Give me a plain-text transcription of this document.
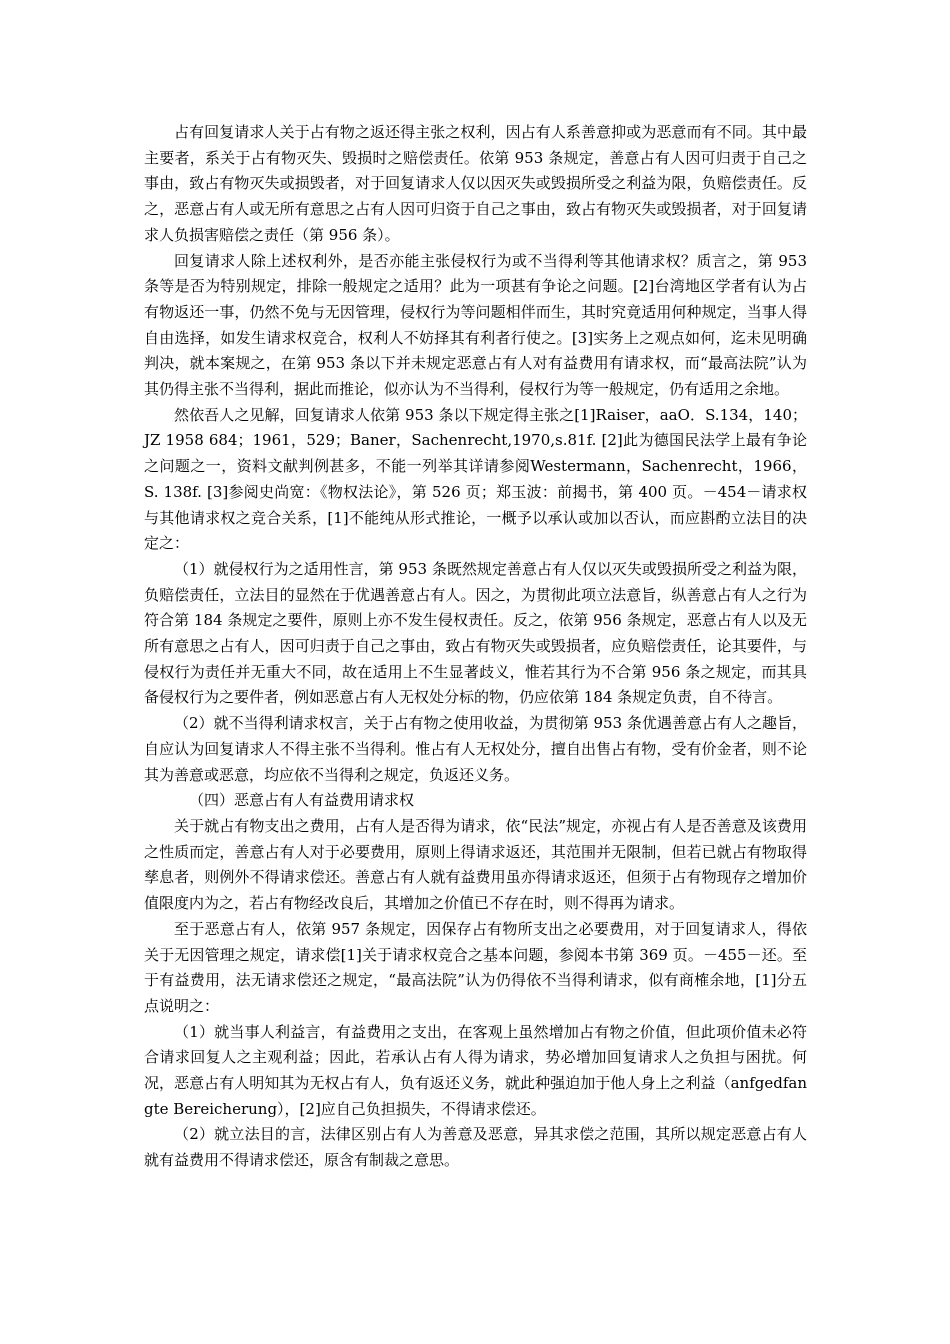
占有回复请求人关于占有物之返还得主张之权利，因占有人系善意抑或为恶意而有不同。其中最主要者，系关于占有物灭失、毁损时之赔偿责任。依第 953 条规定，善意占有人因可归责于自己之事由，致占有物灭失或损毁者，对于回复请求人仅以因灭失或毁损所受之利益为限，负赔偿责任。反之，恶意占有人或无所有意思之占有人因可归资于自己之事由，致占有物灭失或毁损者，对于回复请求人负损害赔偿之责任（第 956 条）。

回复请求人除上述权利外，是否亦能主张侵权行为或不当得利等其他请求权？质言之，第 953 条等是否为特别规定，排除一般规定之适用？此为一项甚有争论之问题。[2]台湾地区学者有认为占有物返还一事，仍然不免与无因管理，侵权行为等问题相伴而生，其时究竟适用何种规定，当事人得自由选择，如发生请求权竞合，权利人不妨择其有利者行使之。[3]实务上之观点如何，迄未见明确判决，就本案规之，在第 953 条以下并未规定恶意占有人对有益费用有请求权，而“最高法院”认为其仍得主张不当得利，据此而推论，似亦认为不当得利，侵权行为等一般规定，仍有适用之余地。

然依吾人之见解，回复请求人依第 953 条以下规定得主张之[1]Raiser，aaO．S.134，140；JZ 1958 684；1961，529；Baner，Sachenrecht,1970,s.81f. [2]此为德国民法学上最有争论之问题之一，资料文献判例甚多，不能一列举其详请参阅Westermann，Sachenrecht，1966，S. 138f. [3]参阅史尚宽：《物权法论》，第 526 页；郑玉波：前揭书，第 400 页。－454－请求权与其他请求权之竞合关系，[1]不能纯从形式推论，一概予以承认或加以否认，而应斟酌立法目的决定之：

（1）就侵权行为之适用性言，第 953 条既然规定善意占有人仅以灭失或毁损所受之利益为限，负赔偿责任，立法目的显然在于优遇善意占有人。因之，为贯彻此项立法意旨，纵善意占有人之行为符合第 184 条规定之要件，原则上亦不发生侵权责任。反之，依第 956 条规定，恶意占有人以及无所有意思之占有人，因可归责于自己之事由，致占有物灭失或毁损者，应负赔偿责任，论其要件，与侵权行为责任并无重大不同，故在适用上不生显著歧义，惟若其行为不合第 956 条之规定，而其具备侵权行为之要件者，例如恶意占有人无权处分标的物，仍应依第 184 条规定负责，自不待言。

（2）就不当得利请求权言，关于占有物之使用收益，为贯彻第 953 条优遇善意占有人之趣旨，自应认为回复请求人不得主张不当得利。惟占有人无权处分，擅自出售占有物，受有价金者，则不论其为善意或恶意，均应依不当得利之规定，负返还义务。

（四）恶意占有人有益费用请求权

关于就占有物支出之费用，占有人是否得为请求，依“民法”规定，亦视占有人是否善意及该费用之性质而定，善意占有人对于必要费用，原则上得请求返还，其范围并无限制，但若已就占有物取得孳息者，则例外不得请求偿还。善意占有人就有益费用虽亦得请求返还，但须于占有物现存之增加价值限度内为之，若占有物经改良后，其增加之价值已不存在时，则不得再为请求。

至于恶意占有人，依第 957 条规定，因保存占有物所支出之必要费用，对于回复请求人，得依关于无因管理之规定，请求偿[1]关于请求权竞合之基本问题，参阅本书第 369 页。－455－还。至于有益费用，法无请求偿还之规定，“最高法院”认为仍得依不当得利请求，似有商榷余地，[1]分五点说明之：

（1）就当事人利益言，有益费用之支出，在客观上虽然增加占有物之价值，但此项价值未必符合请求回复人之主观利益；因此，若承认占有人得为请求，势必增加回复请求人之负担与困扰。何况，恶意占有人明知其为无权占有人，负有返还义务，就此种强迫加于他人身上之利益（anfgedfangte Bereicherung），[2]应自己负担损失，不得请求偿还。

（2）就立法目的言，法律区别占有人为善意及恶意，异其求偿之范围，其所以规定恶意占有人就有益费用不得请求偿还，原含有制裁之意思。
